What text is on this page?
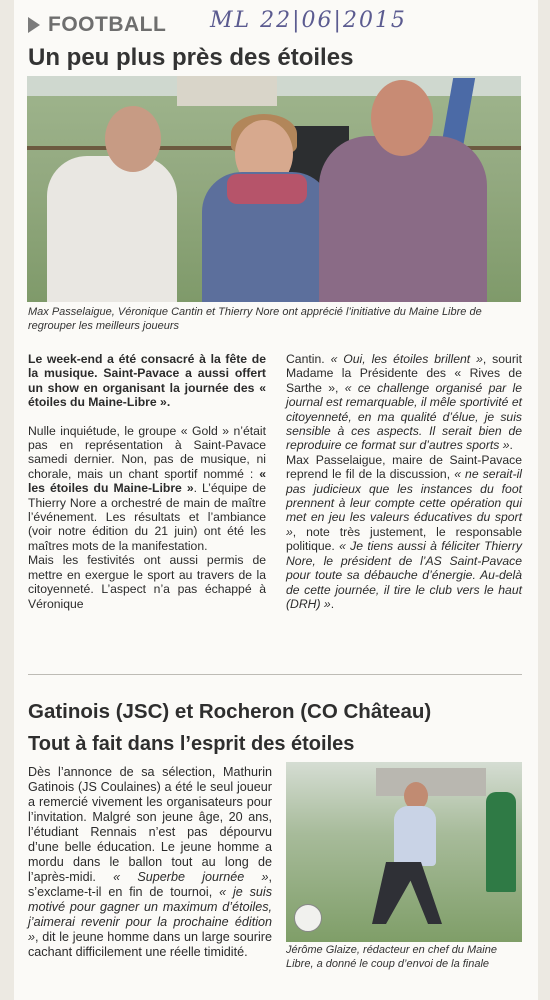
FOOTBALL ML 22|06|2015
Un peu plus près des étoiles
Max Passelaigue, Véronique Cantin et Thierry Nore ont apprécié l’initiative du Maine Libre de regrouper les meilleurs joueurs

Le week-end a été consacré à la fête de la musique. Saint-Pavace a aussi offert un show en organisant la journée des « étoiles du Maine-Libre ».

Nulle inquiétude, le groupe « Gold » n’était pas en représentation à Saint-Pavace samedi dernier. Non, pas de musique, ni chorale, mais un chant sportif nommé : « les étoiles du Maine-Libre ». L’équipe de Thierry Nore a orchestré de main de maître l’événement. Les résultats et l’ambiance (voir notre édition du 21 juin) ont été les maîtres mots de la manifestation.

Mais les festivités ont aussi permis de mettre en exergue le sport au travers de la citoyenneté. L’aspect n’a pas échappé à Véronique

Cantin. « Oui, les étoiles brillent », sourit Madame la Présidente des « Rives de Sarthe », « ce challenge organisé par le journal est remarquable, il mêle sportivité et citoyenneté, en ma qualité d’élue, je suis sensible à ces aspects. Il serait bien de reproduire ce format sur d’autres sports ».

Max Passelaigue, maire de Saint-Pavace reprend le fil de la discussion, « ne serait-il pas judicieux que les instances du foot prennent à leur compte cette opération qui met en jeu les valeurs éducatives du sport », note très justement, le responsable politique. « Je tiens aussi à féliciter Thierry Nore, le président de l’AS Saint-Pavace pour toute sa débauche d’énergie. Au-delà de cette journée, il tire le club vers le haut (DRH) ».

Gatinois (JSC) et Rocheron (CO Château)
Tout à fait dans l’esprit des étoiles

Dès l’annonce de sa sélection, Mathurin Gatinois (JS Coulaines) a été le seul joueur a remercié vivement les organisateurs pour l’invitation. Malgré son jeune âge, 20 ans, l’étudiant Rennais n’est pas dépourvu d’une belle éducation. Le jeune homme a mordu dans le ballon tout au long de l’après-midi. « Superbe journée », s’exclame-t-il en fin de tournoi, « je suis motivé pour gagner un maximum d’étoiles, j’aimerai revenir pour la prochaine édition », dit le jeune homme dans un large sourire cachant difficilement une réelle timidité.	Jérôme Glaize, rédacteur en chef du Maine Libre, a donné le coup d’envoi de la finale
